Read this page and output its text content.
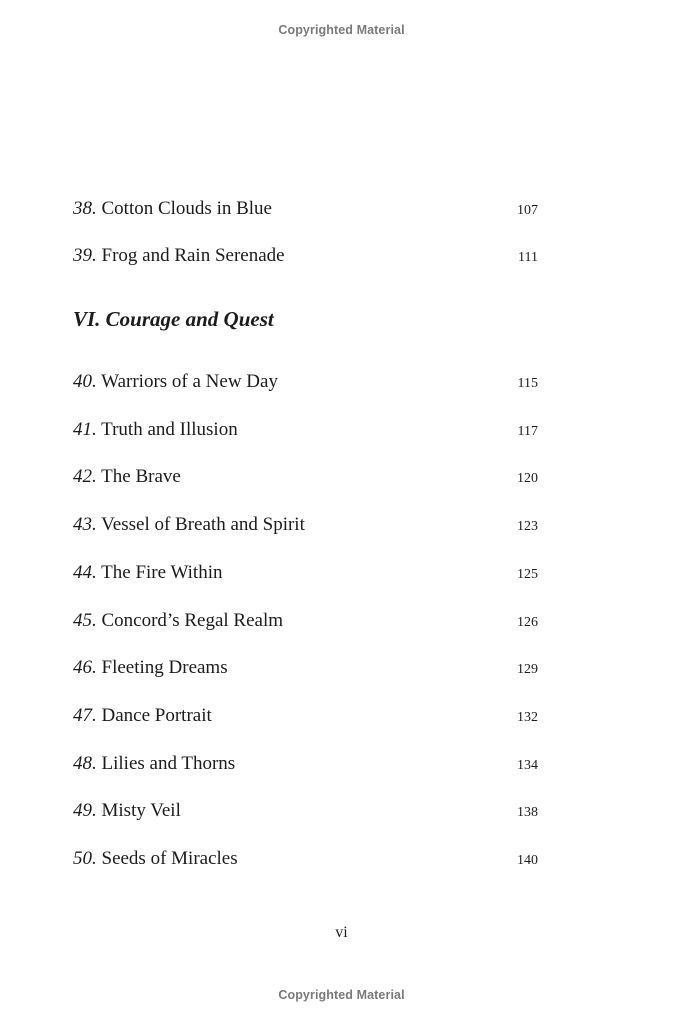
Copyrighted Material
38. Cotton Clouds in Blue	107
39. Frog and Rain Serenade	111
VI. Courage and Quest
40. Warriors of a New Day	115
41. Truth and Illusion	117
42. The Brave	120
43. Vessel of Breath and Spirit	123
44. The Fire Within	125
45. Concord’s Regal Realm	126
46. Fleeting Dreams	129
47. Dance Portrait	132
48. Lilies and Thorns	134
49. Misty Veil	138
50. Seeds of Miracles	140
vi
Copyrighted Material
